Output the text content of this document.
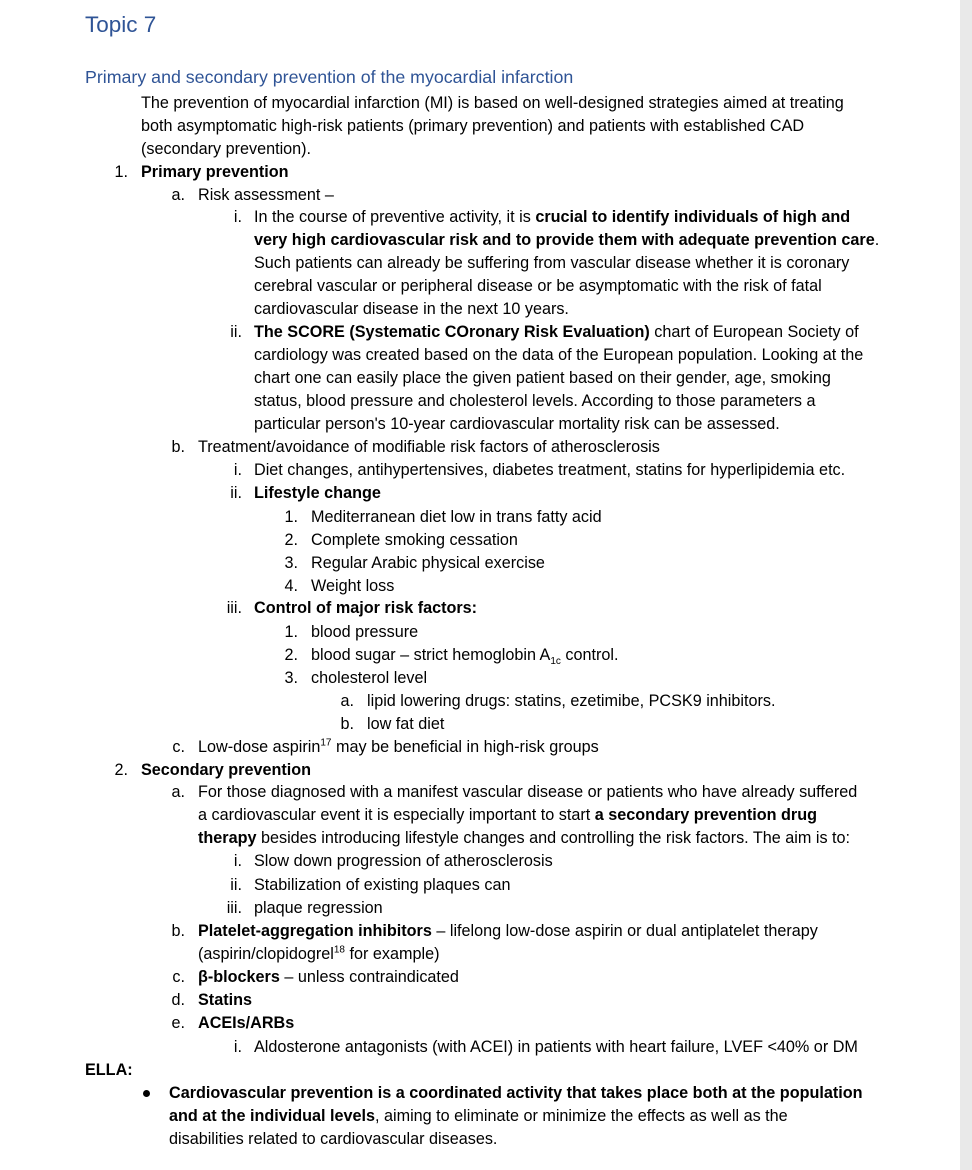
Topic 7
Primary and secondary prevention of the myocardial infarction
The prevention of myocardial infarction (MI) is based on well-designed strategies aimed at treating
both asymptomatic high-risk patients (primary prevention) and patients with established CAD
(secondary prevention).
1. Primary prevention
a. Risk assessment –
i. In the course of preventive activity, it is crucial to identify individuals of high and
very high cardiovascular risk and to provide them with adequate prevention care.
Such patients can already be suffering from vascular disease whether it is coronary
cerebral vascular or peripheral disease or be asymptomatic with the risk of fatal
cardiovascular disease in the next 10 years.
ii. The SCORE (Systematic COronary Risk Evaluation) chart of European Society of
cardiology was created based on the data of the European population. Looking at the
chart one can easily place the given patient based on their gender, age, smoking
status, blood pressure and cholesterol levels. According to those parameters a
particular person's 10-year cardiovascular mortality risk can be assessed.
b. Treatment/avoidance of modifiable risk factors of atherosclerosis
i. Diet changes, antihypertensives, diabetes treatment, statins for hyperlipidemia etc.
ii. Lifestyle change
1. Mediterranean diet low in trans fatty acid
2. Complete smoking cessation
3. Regular Arabic physical exercise
4. Weight loss
iii. Control of major risk factors:
1. blood pressure
2. blood sugar – strict hemoglobin $A_{1c}$ control.
3. cholesterol level
a. lipid lowering drugs: statins, ezetimibe, PCSK9 inhibitors.
b. low fat diet
c. Low-dose aspirin$^{17}$ may be beneficial in high-risk groups
2. Secondary prevention
a. For those diagnosed with a manifest vascular disease or patients who have already suffered
a cardiovascular event it is especially important to start a secondary prevention drug
therapy besides introducing lifestyle changes and controlling the risk factors. The aim is to:
i. Slow down progression of atherosclerosis
ii. Stabilization of existing plaques can
iii. plaque regression
b. Platelet-aggregation inhibitors – lifelong low-dose aspirin or dual antiplatelet therapy
(aspirin/clopidogrel$^{18}$ for example)
c. β-blockers – unless contraindicated
d. Statins
e. ACEIs/ARBs
i. Aldosterone antagonists (with ACEI) in patients with heart failure, LVEF <40% or DM
ELLA:
Cardiovascular prevention is a coordinated activity that takes place both at the population
and at the individual levels, aiming to eliminate or minimize the effects as well as the
disabilities related to cardiovascular diseases.
